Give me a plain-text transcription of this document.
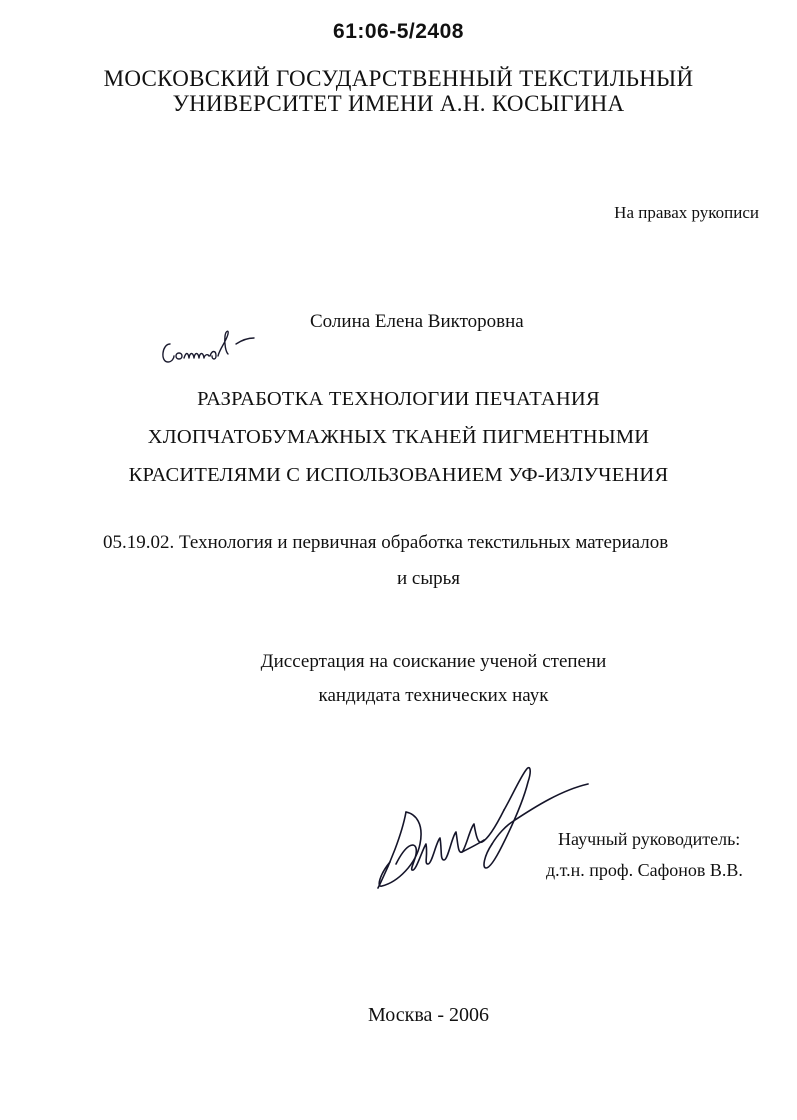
61:06-5/2408
МОСКОВСКИЙ ГОСУДАРСТВЕННЫЙ ТЕКСТИЛЬНЫЙ
УНИВЕРСИТЕТ ИМЕНИ А.Н. КОСЫГИНА
На правах рукописи
Солина Елена Викторовна
РАЗРАБОТКА ТЕХНОЛОГИИ ПЕЧАТАНИЯ
ХЛОПЧАТОБУМАЖНЫХ ТКАНЕЙ ПИГМЕНТНЫМИ
КРАСИТЕЛЯМИ С ИСПОЛЬЗОВАНИЕМ УФ-ИЗЛУЧЕНИЯ
05.19.02. Технология и первичная обработка текстильных материалов
и сырья
Диссертация на соискание ученой степени
кандидата технических наук
Научный руководитель:
д.т.н. проф. Сафонов В.В.
Москва - 2006
